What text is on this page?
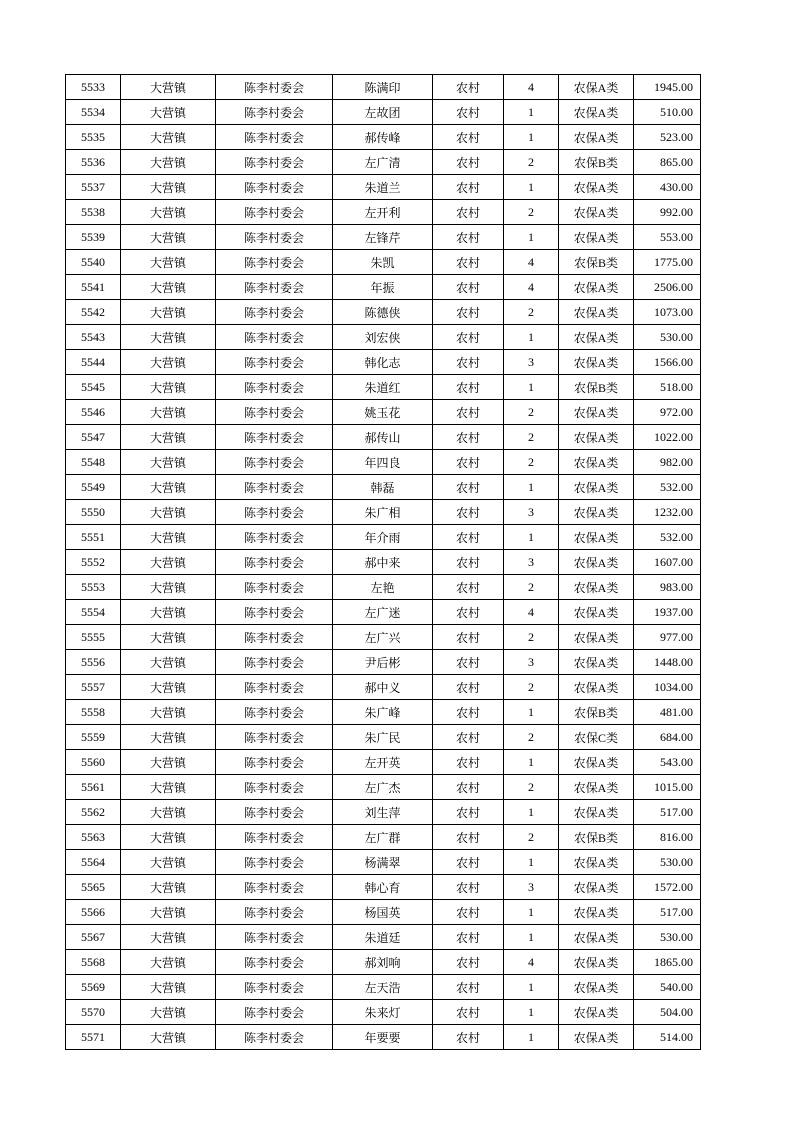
5533	大营镇	陈李村委会	陈满印	农村	4	农保A类	1945.00
5534	大营镇	陈李村委会	左故团	农村	1	农保A类	510.00
5535	大营镇	陈李村委会	郝传峰	农村	1	农保A类	523.00
5536	大营镇	陈李村委会	左广清	农村	2	农保B类	865.00
5537	大营镇	陈李村委会	朱道兰	农村	1	农保A类	430.00
5538	大营镇	陈李村委会	左开利	农村	2	农保A类	992.00
5539	大营镇	陈李村委会	左锋芹	农村	1	农保A类	553.00
5540	大营镇	陈李村委会	朱凯	农村	4	农保B类	1775.00
5541	大营镇	陈李村委会	年振	农村	4	农保A类	2506.00
5542	大营镇	陈李村委会	陈德侠	农村	2	农保A类	1073.00
5543	大营镇	陈李村委会	刘宏侠	农村	1	农保A类	530.00
5544	大营镇	陈李村委会	韩化志	农村	3	农保A类	1566.00
5545	大营镇	陈李村委会	朱道红	农村	1	农保B类	518.00
5546	大营镇	陈李村委会	姚玉花	农村	2	农保A类	972.00
5547	大营镇	陈李村委会	郝传山	农村	2	农保A类	1022.00
5548	大营镇	陈李村委会	年四良	农村	2	农保A类	982.00
5549	大营镇	陈李村委会	韩磊	农村	1	农保A类	532.00
5550	大营镇	陈李村委会	朱广相	农村	3	农保A类	1232.00
5551	大营镇	陈李村委会	年介雨	农村	1	农保A类	532.00
5552	大营镇	陈李村委会	郝中来	农村	3	农保A类	1607.00
5553	大营镇	陈李村委会	左艳	农村	2	农保A类	983.00
5554	大营镇	陈李村委会	左广迷	农村	4	农保A类	1937.00
5555	大营镇	陈李村委会	左广兴	农村	2	农保A类	977.00
5556	大营镇	陈李村委会	尹后彬	农村	3	农保A类	1448.00
5557	大营镇	陈李村委会	郝中义	农村	2	农保A类	1034.00
5558	大营镇	陈李村委会	朱广峰	农村	1	农保B类	481.00
5559	大营镇	陈李村委会	朱广民	农村	2	农保C类	684.00
5560	大营镇	陈李村委会	左开英	农村	1	农保A类	543.00
5561	大营镇	陈李村委会	左广杰	农村	2	农保A类	1015.00
5562	大营镇	陈李村委会	刘生萍	农村	1	农保A类	517.00
5563	大营镇	陈李村委会	左广群	农村	2	农保B类	816.00
5564	大营镇	陈李村委会	杨满翠	农村	1	农保A类	530.00
5565	大营镇	陈李村委会	韩心育	农村	3	农保A类	1572.00
5566	大营镇	陈李村委会	杨国英	农村	1	农保A类	517.00
5567	大营镇	陈李村委会	朱道廷	农村	1	农保A类	530.00
5568	大营镇	陈李村委会	郝刘响	农村	4	农保A类	1865.00
5569	大营镇	陈李村委会	左天浩	农村	1	农保A类	540.00
5570	大营镇	陈李村委会	朱来灯	农村	1	农保A类	504.00
5571	大营镇	陈李村委会	年要要	农村	1	农保A类	514.00
